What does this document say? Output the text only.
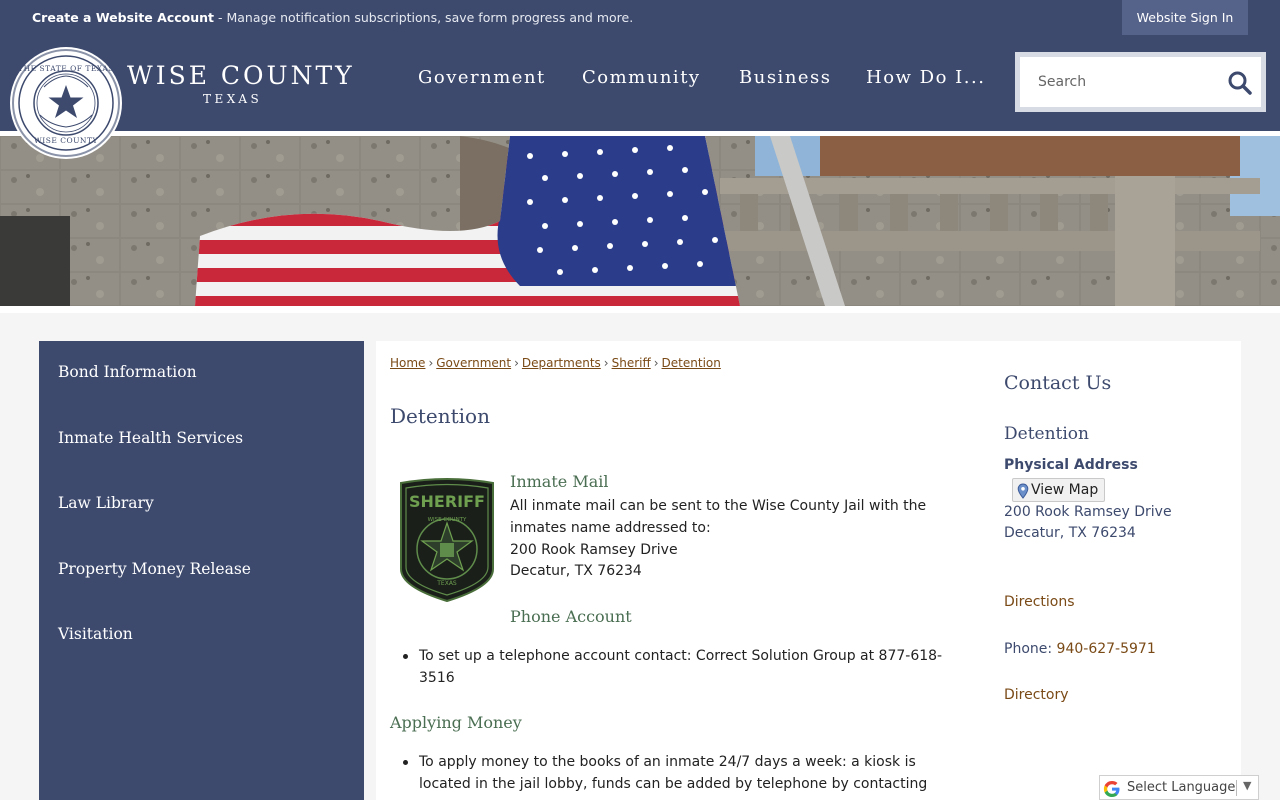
Create a Website Account - Manage notification subscriptions, save form progress and more.	Website Sign In
THE STATE OF TEXAS
WISE COUNTY
WISE COUNTY
TEXAS
Government Community Business How Do I...
Search
Bond Information
Inmate Health Services
Law Library
Property Money Release
Visitation
Home › Government › Departments › Sheriff › Detention
Detention
SHERIFF
WISE COUNTY
TEXAS
Inmate Mail
All inmate mail can be sent to the Wise County Jail with the
inmates name addressed to:
200 Rook Ramsey Drive
Decatur, TX 76234
Phone Account
To set up a telephone account contact: Correct Solution Group at 877-618-
3516
Applying Money
To apply money to the books of an inmate 24/7 days a week: a kiosk is
located in the jail lobby, funds can be added by telephone by contacting
Contact Us
Detention
Physical Address
View Map
200 Rook Ramsey Drive
Decatur, TX 76234
Directions
Phone: 940-627-5971
Directory
Select Language ▼
